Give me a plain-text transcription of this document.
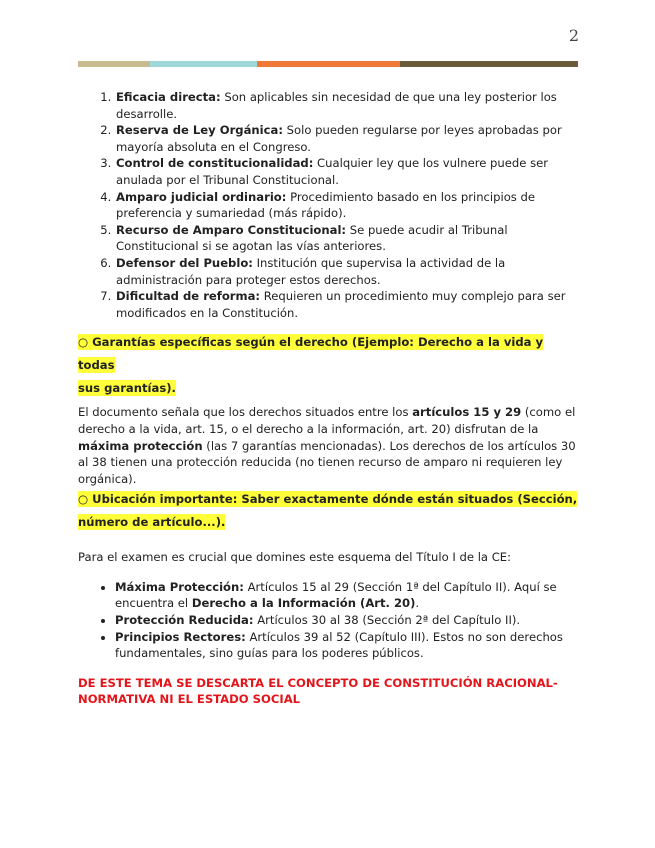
2
1. Eficacia directa: Son aplicables sin necesidad de que una ley posterior los desarrolle.
2. Reserva de Ley Orgánica: Solo pueden regularse por leyes aprobadas por mayoría absoluta en el Congreso.
3. Control de constitucionalidad: Cualquier ley que los vulnere puede ser anulada por el Tribunal Constitucional.
4. Amparo judicial ordinario: Procedimiento basado en los principios de preferencia y sumariedad (más rápido).
5. Recurso de Amparo Constitucional: Se puede acudir al Tribunal Constitucional si se agotan las vías anteriores.
6. Defensor del Pueblo: Institución que supervisa la actividad de la administración para proteger estos derechos.
7. Dificultad de reforma: Requieren un procedimiento muy complejo para ser modificados en la Constitución.
○ Garantías específicas según el derecho (Ejemplo: Derecho a la vida y todas
sus garantías).

El documento señala que los derechos situados entre los artículos 15 y 29 (como el derecho a la vida, art. 15, o el derecho a la información, art. 20) disfrutan de la máxima protección (las 7 garantías mencionadas). Los derechos de los artículos 30 al 38 tienen una protección reducida (no tienen recurso de amparo ni requieren ley orgánica).

○ Ubicación importante: Saber exactamente dónde están situados (Sección,
número de artículo...).

Para el examen es crucial que domines este esquema del Título I de la CE:

• Máxima Protección: Artículos 15 al 29 (Sección 1ª del Capítulo II). Aquí se encuentra el Derecho a la Información (Art. 20).
• Protección Reducida: Artículos 30 al 38 (Sección 2ª del Capítulo II).
• Principios Rectores: Artículos 39 al 52 (Capítulo III). Estos no son derechos fundamentales, sino guías para los poderes públicos.

DE ESTE TEMA SE DESCARTA EL CONCEPTO DE CONSTITUCIÓN RACIONAL-NORMATIVA NI EL ESTADO SOCIAL
